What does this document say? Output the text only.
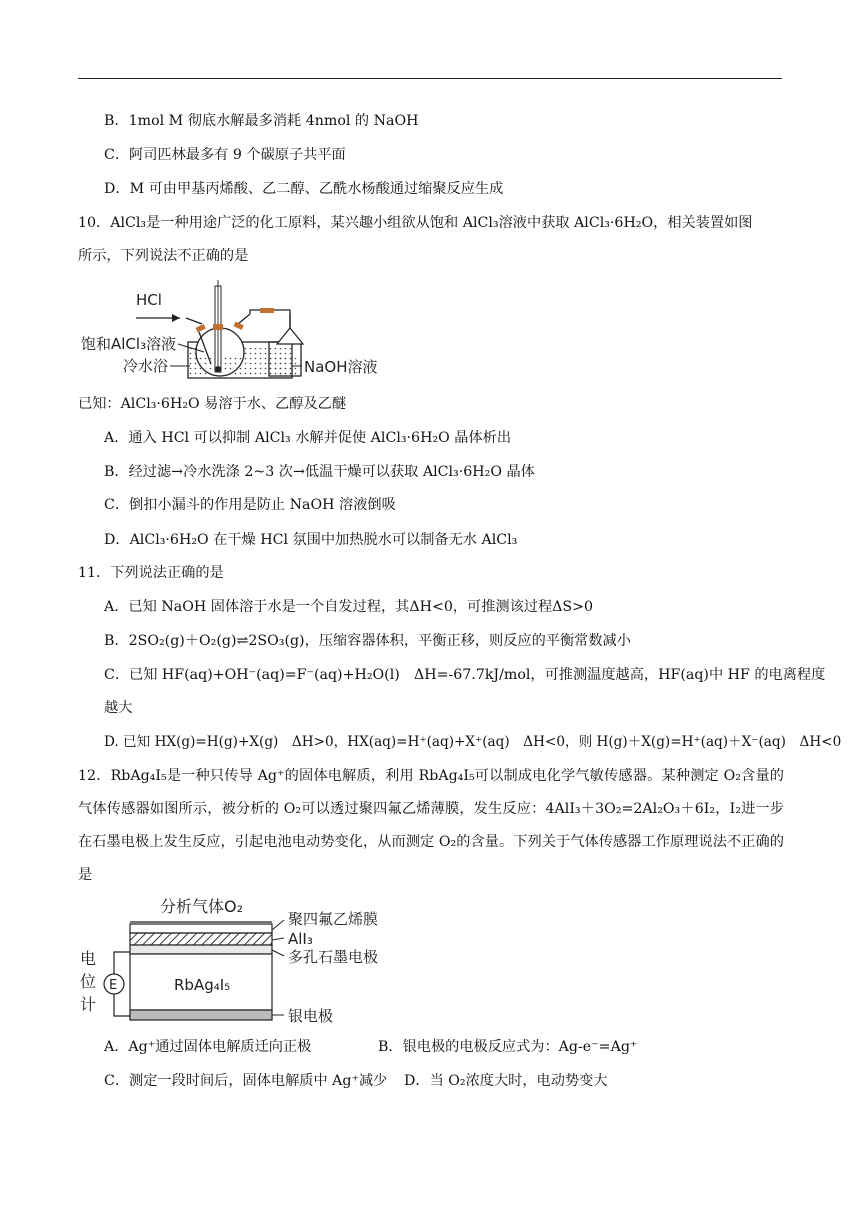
B．1mol M 彻底水解最多消耗 4nmol 的 NaOH
C．阿司匹林最多有 9 个碳原子共平面
D．M 可由甲基丙烯酸、乙二醇、乙酰水杨酸通过缩聚反应生成
10．AlCl₃是一种用途广泛的化工原料，某兴趣小组欲从饱和 AlCl₃溶液中获取 AlCl₃·6H₂O，相关装置如图
所示，下列说法不正确的是
HCl
饱和AlCl₃溶液
冷水浴	NaOH溶液
已知：AlCl₃·6H₂O 易溶于水、乙醇及乙醚
A．通入 HCl 可以抑制 AlCl₃ 水解并促使 AlCl₃·6H₂O 晶体析出
B．经过滤→冷水洗涤 2~3 次→低温干燥可以获取 AlCl₃·6H₂O 晶体
C．倒扣小漏斗的作用是防止 NaOH 溶液倒吸
D．AlCl₃·6H₂O 在干燥 HCl 氛围中加热脱水可以制备无水 AlCl₃
11．下列说法正确的是
A．已知 NaOH 固体溶于水是一个自发过程，其ΔH<0，可推测该过程ΔS>0
B．2SO₂(g)＋O₂(g)⇌2SO₃(g)，压缩容器体积，平衡正移，则反应的平衡常数减小
C．已知 HF(aq)+OH⁻(aq)=F⁻(aq)+H₂O(l)　ΔH=-67.7kJ/mol，可推测温度越高，HF(aq)中 HF 的电离程度
越大
D. 已知 HX(g)=H(g)+X(g)　ΔH>0，HX(aq)=H⁺(aq)+X⁺(aq)　ΔH<0，则 H(g)＋X(g)=H⁺(aq)＋X⁻(aq)　ΔH<0
12．RbAg₄I₅是一种只传导 Ag⁺的固体电解质，利用 RbAg₄I₅可以制成电化学气敏传感器。某种测定 O₂含量的气体传感器如图所示，被分析的 O₂可以透过聚四氟乙烯薄膜，发生反应：4AlI₃＋3O₂=2Al₂O₃＋6I₂，I₂进一步在石墨电极上发生反应，引起电池电动势变化，从而测定 O₂的含量。下列关于气体传感器工作原理说法不正确的是
分析气体O₂
RbAg₄I₅
聚四氟乙烯膜
AlI₃
多孔石墨电极
银电极
E
电
位
计
A．Ag⁺通过固体电解质迁向正极	B．银电极的电极反应式为：Ag-e⁻=Ag⁺
C．测定一段时间后，固体电解质中 Ag⁺减少 D．当 O₂浓度大时，电动势变大
